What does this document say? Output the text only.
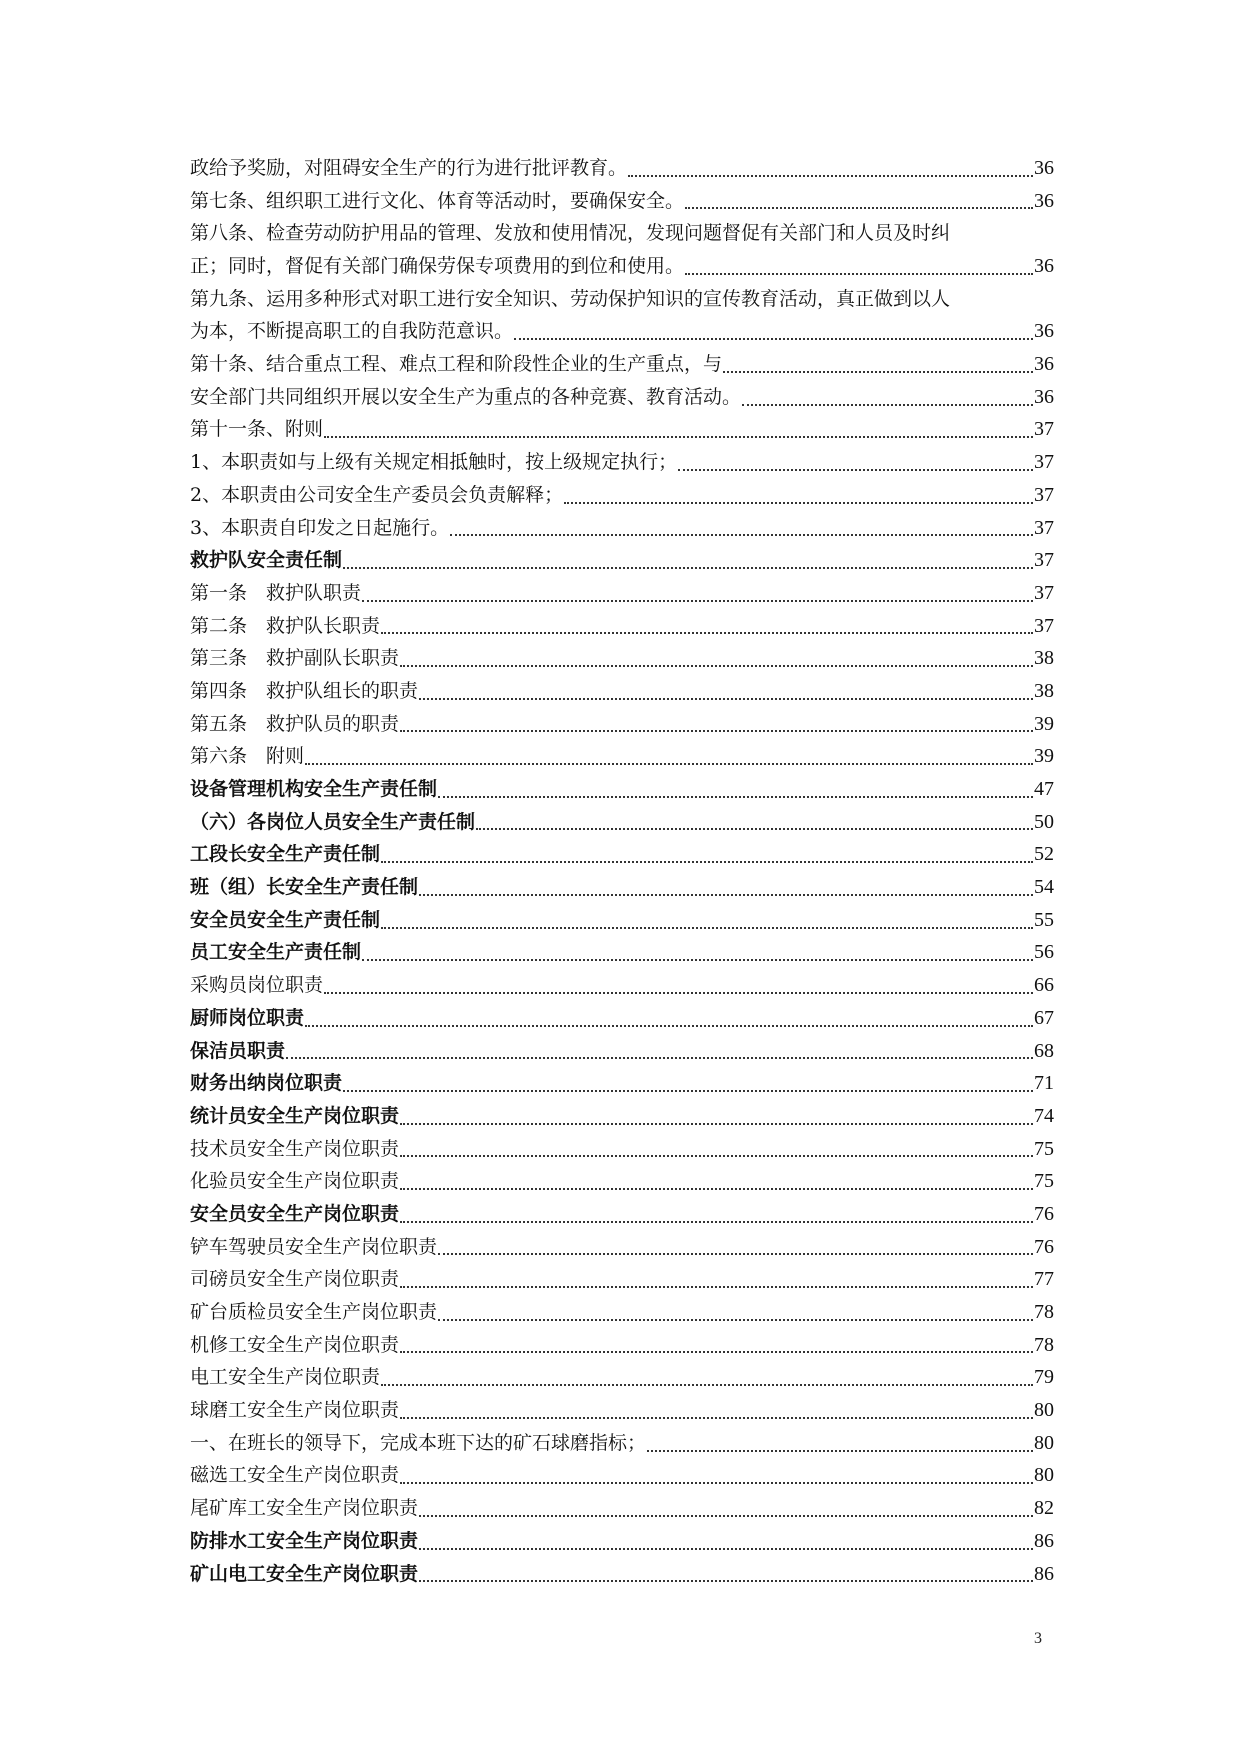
政给予奖励，对阻碍安全生产的行为进行批评教育。	36
第七条、组织职工进行文化、体育等活动时，要确保安全。	36
第八条、检查劳动防护用品的管理、发放和使用情况，发现问题督促有关部门和人员及时纠
正；同时，督促有关部门确保劳保专项费用的到位和使用。	36
第九条、运用多种形式对职工进行安全知识、劳动保护知识的宣传教育活动，真正做到以人
为本，不断提高职工的自我防范意识。	36
第十条、结合重点工程、难点工程和阶段性企业的生产重点，与	36
安全部门共同组织开展以安全生产为重点的各种竞赛、教育活动。	36
第十一条、附则	37
1、本职责如与上级有关规定相抵触时，按上级规定执行；	37
2、本职责由公司安全生产委员会负责解释；	37
3、本职责自印发之日起施行。	37
救护队安全责任制	37
第一条　救护队职责	37
第二条　救护队长职责	37
第三条　救护副队长职责	38
第四条　救护队组长的职责	38
第五条　救护队员的职责	39
第六条　附则	39
设备管理机构安全生产责任制	47
（六）各岗位人员安全生产责任制	50
工段长安全生产责任制	52
班（组）长安全生产责任制	54
安全员安全生产责任制	55
员工安全生产责任制	56
采购员岗位职责	66
厨师岗位职责	67
保洁员职责	68
财务出纳岗位职责	71
统计员安全生产岗位职责	74
技术员安全生产岗位职责	75
化验员安全生产岗位职责	75
安全员安全生产岗位职责	76
铲车驾驶员安全生产岗位职责	76
司磅员安全生产岗位职责	77
矿台质检员安全生产岗位职责	78
机修工安全生产岗位职责	78
电工安全生产岗位职责	79
球磨工安全生产岗位职责	80
一、在班长的领导下，完成本班下达的矿石球磨指标；	80
磁选工安全生产岗位职责	80
尾矿库工安全生产岗位职责	82
防排水工安全生产岗位职责	86
矿山电工安全生产岗位职责	86
3
